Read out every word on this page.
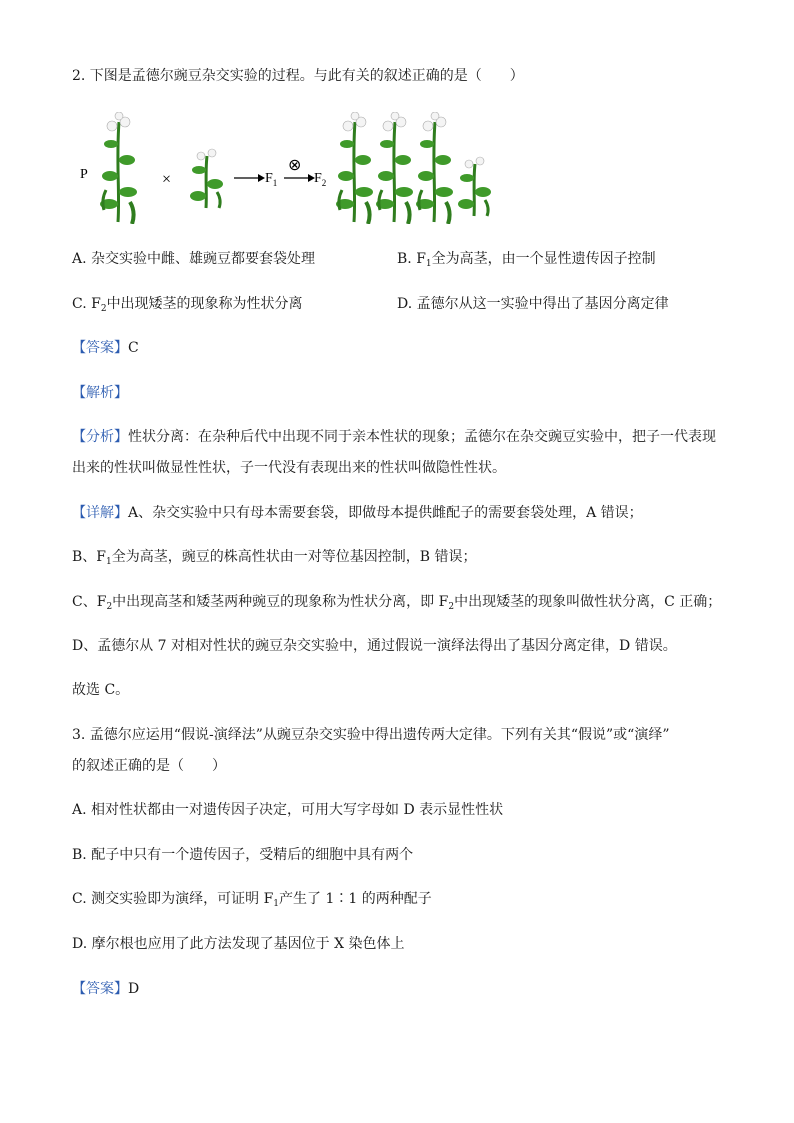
2. 下图是孟德尔豌豆杂交实验的过程。与此有关的叙述正确的是（　　）
P	×	$F_1$
⊗
$F_2$
A. 杂交实验中雌、雄豌豆都要套袋处理	B. $F_1$全为高茎，由一个显性遗传因子控制
C. $F_2$中出现矮茎的现象称为性状分离	D. 孟德尔从这一实验中得出了基因分离定律
【答案】C
【解析】
【分析】性状分离：在杂种后代中出现不同于亲本性状的现象；孟德尔在杂交豌豆实验中，把子一代表现
出来的性状叫做显性性状，子一代没有表现出来的性状叫做隐性性状。
【详解】A、杂交实验中只有母本需要套袋，即做母本提供雌配子的需要套袋处理，A 错误；
B、$F_1$全为高茎，豌豆的株高性状由一对等位基因控制，B 错误；
C、$F_2$中出现高茎和矮茎两种豌豆的现象称为性状分离，即 $F_2$中出现矮茎的现象叫做性状分离，C 正确；
D、孟德尔从 7 对相对性状的豌豆杂交实验中，通过假说一演绎法得出了基因分离定律，D 错误。
故选 C。
3. 孟德尔应运用“假说-演绎法”从豌豆杂交实验中得出遗传两大定律。下列有关其“假说”或“演绎”
的叙述正确的是（　　）
A. 相对性状都由一对遗传因子决定，可用大写字母如 D 表示显性性状
B. 配子中只有一个遗传因子，受精后的细胞中具有两个
C. 测交实验即为演绎，可证明 $F_1$产生了 1∶1 的两种配子
D. 摩尔根也应用了此方法发现了基因位于 X 染色体上
【答案】D
